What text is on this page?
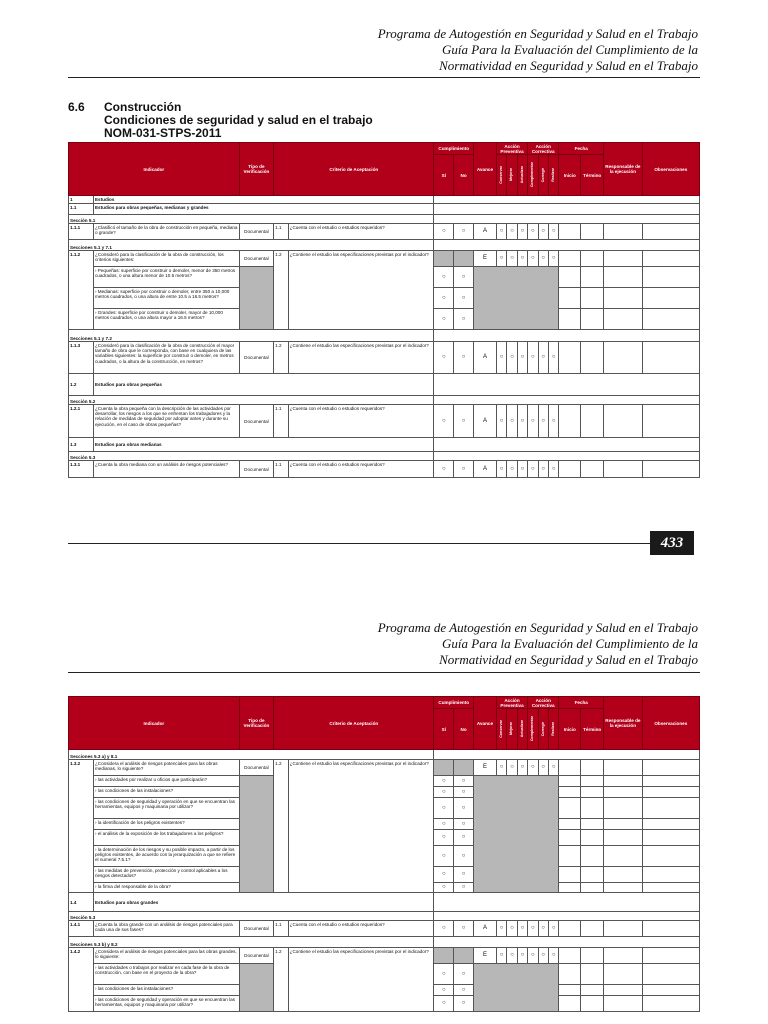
Programa de Autogestión en Seguridad y Salud en el Trabajo
Guía Para la Evaluación del Cumplimiento de la
Normatividad en Seguridad y Salud en el Trabajo
6.6 Construcción
Condiciones de seguridad y salud en el trabajo
NOM-031-STPS-2011
Indicador		Tipo de Verificación	Criterio de Aceptación		Cumplimiento		Avance	Acción Preventiva			Acción Correctiva			Fecha		Responsable de la ejecución	Observaciones
					Sí	No		Conservar	Mejorar	Actualizar	Complementar	Corregir	Realizar	Inicio	Término		

1	Estudios																
1.1	Estudios para obras pequeñas, medianas y grandes																
Sección 5.1																	
1.1.1	¿Clasificó el tamaño de la obra de construcción en pequeña, mediana o grande?	Documental	1.1	¿Cuenta con el estudio o estudios requeridos?	○	○	A	○	○	○	○	○	○				
Secciones 5.1 y 7.1																	
1.1.2	¿Consideró para la clasificación de la obra de construcción, los criterios siguientes:	Documental	1.2	¿Contiene el estudio las especificaciones previstas por el indicador?			E	○	○	○	○	○	○				
	› Pequeñas: superficie por construir o demoler, menor de 350 metros cuadrados, o una altura menor de 10.5 metros?				○	○											
	› Medianas: superficie por construir o demoler, entre 350 a 10,000 metros cuadrados, o una altura de entre 10.5 a 16.5 metros?				○	○											
	› Grandes: superficie por construir o demoler, mayor de 10,000 metros cuadrados, o una altura mayor a 16.5 metros?				○	○											
Secciones 5.1 y 7.2																	
1.1.3	¿Consideró para la clasificación de la obra de construcción el mayor tamaño de obra que le corresponda, con base en cualquiera de las variables siguientes: la superficie por construir o demoler, en metros cuadrados, o la altura de la construcción, en metros?	Documental	1.2	¿Contiene el estudio las especificaciones previstas por el indicador?	○	○	A	○	○	○	○	○	○				
1.2	Estudios para obras pequeñas																
Sección 5.2																	
1.2.1	¿Cuenta la obra pequeña con la descripción de las actividades por desarrollar, los riesgos a los que se enfrentan los trabajadores y la relación de medidas de seguridad por adoptar antes y durante su ejecución, en el caso de obras pequeñas?	Documental	1.1	¿Cuenta con el estudio o estudios requeridos?	○	○	A	○	○	○	○	○	○				
1.3	Estudios para obras medianas																
Sección 5.3																	
1.3.1	¿Cuenta la obra mediana con un análisis de riesgos potenciales?	Documental	1.1	¿Cuenta con el estudio o estudios requeridos?	○	○	A	○	○	○	○	○	○				
433
Programa de Autogestión en Seguridad y Salud en el Trabajo
Guía Para la Evaluación del Cumplimiento de la
Normatividad en Seguridad y Salud en el Trabajo
Indicador		Tipo de Verificación	Criterio de Aceptación		Cumplimiento		Avance	Acción Preventiva			Acción Correctiva			Fecha		Responsable de la ejecución	Observaciones
					Sí	No		Conservar	Mejorar	Actualizar	Complementar	Corregir	Realizar	Inicio	Término		

Secciones 5.3 a) y 8.1																	
1.3.2	¿Considera el análisis de riesgos potenciales para las obras medianas, lo siguiente?	Documental	1.2	¿Contiene el estudio las especificaciones previstas por el indicador?			E	○	○	○	○	○	○				
	› las actividades por realizar u oficios que participarán?				○	○											
	› las condiciones de las instalaciones?				○	○											
	› las condiciones de seguridad y operación en que se encuentran las herramientas, equipos y maquinaria por utilizar?				○	○											
	› la identificación de los peligros existentes?				○	○											
	› el análisis de la exposición de los trabajadores a los peligros?				○	○											
	› la determinación de los riesgos y su posible impacto, a partir de los peligros existentes, de acuerdo con la jerarquización a que se refiere el numeral 7.5.1?				○	○											
	› las medidas de prevención, protección y control aplicables a los riesgos detectados?				○	○											
	› la firma del responsable de la obra?				○	○											
1.4	Estudios para obras grandes																
Sección 5.3																	
1.4.1	¿Cuenta la obra grande con un análisis de riesgos potenciales para cada una de sus fases?	Documental	1.1	¿Cuenta con el estudio o estudios requeridos?	○	○	A	○	○	○	○	○	○				
Secciones 5.3 b) y 8.2																	
1.4.2	¿Considera el análisis de riesgos potenciales para las obras grandes, lo siguiente:	Documental	1.2	¿Contiene el estudio las especificaciones previstas por el indicador?			E	○	○	○	○	○	○				
	› las actividades o trabajos por realizar en cada fase de la obra de construcción, con base en el proyecto de la obra?				○	○											
	› las condiciones de las instalaciones?				○	○											
	› las condiciones de seguridad y operación en que se encuentran las herramientas, equipos y maquinaria por utilizar?				○	○											
